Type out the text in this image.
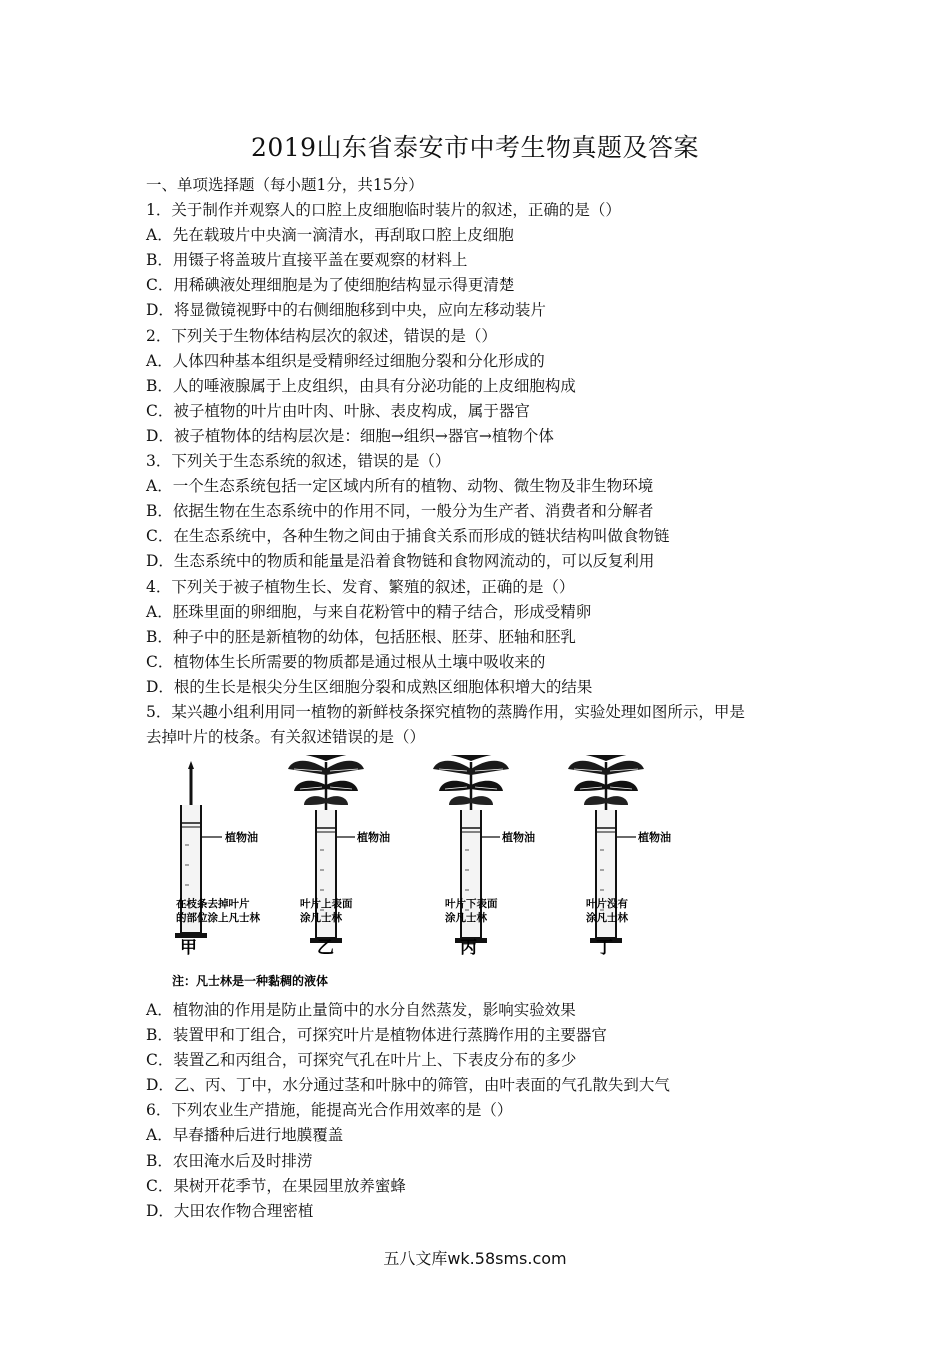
2019山东省泰安市中考生物真题及答案
一、单项选择题（每小题1分，共15分）
1．关于制作并观察人的口腔上皮细胞临时装片的叙述，正确的是（）
A．先在载玻片中央滴一滴清水，再刮取口腔上皮细胞
B．用镊子将盖玻片直接平盖在要观察的材料上
C．用稀碘液处理细胞是为了使细胞结构显示得更清楚
D．将显微镜视野中的右侧细胞移到中央，应向左移动装片
2．下列关于生物体结构层次的叙述，错误的是（）
A．人体四种基本组织是受精卵经过细胞分裂和分化形成的
B．人的唾液腺属于上皮组织，由具有分泌功能的上皮细胞构成
C．被子植物的叶片由叶肉、叶脉、表皮构成，属于器官
D．被子植物体的结构层次是：细胞→组织→器官→植物个体
3．下列关于生态系统的叙述，错误的是（）
A．一个生态系统包括一定区域内所有的植物、动物、微生物及非生物环境
B．依据生物在生态系统中的作用不同，一般分为生产者、消费者和分解者
C．在生态系统中，各种生物之间由于捕食关系而形成的链状结构叫做食物链
D．生态系统中的物质和能量是沿着食物链和食物网流动的，可以反复利用
4．下列关于被子植物生长、发育、繁殖的叙述，正确的是（）
A．胚珠里面的卵细胞，与来自花粉管中的精子结合，形成受精卵
B．种子中的胚是新植物的幼体，包括胚根、胚芽、胚轴和胚乳
C．植物体生长所需要的物质都是通过根从土壤中吸收来的
D．根的生长是根尖分生区细胞分裂和成熟区细胞体积增大的结果
5．某兴趣小组利用同一植物的新鲜枝条探究植物的蒸腾作用，实验处理如图所示，甲是
去掉叶片的枝条。有关叙述错误的是（）
植物油	植物油	植物油	植物油
在枝条去掉叶片
的部位涂上凡士林
叶片上表面
涂凡士林
叶片下表面
涂凡士林
叶片没有
涂凡士林
甲	乙	丙	丁
注：凡士林是一种黏稠的液体
A．植物油的作用是防止量筒中的水分自然蒸发，影响实验效果
B．装置甲和丁组合，可探究叶片是植物体进行蒸腾作用的主要器官
C．装置乙和丙组合，可探究气孔在叶片上、下表皮分布的多少
D．乙、丙、丁中，水分通过茎和叶脉中的筛管，由叶表面的气孔散失到大气
6．下列农业生产措施，能提高光合作用效率的是（）
A．早春播种后进行地膜覆盖
B．农田淹水后及时排涝
C．果树开花季节，在果园里放养蜜蜂
D．大田农作物合理密植
五八文库wk.58sms.com
